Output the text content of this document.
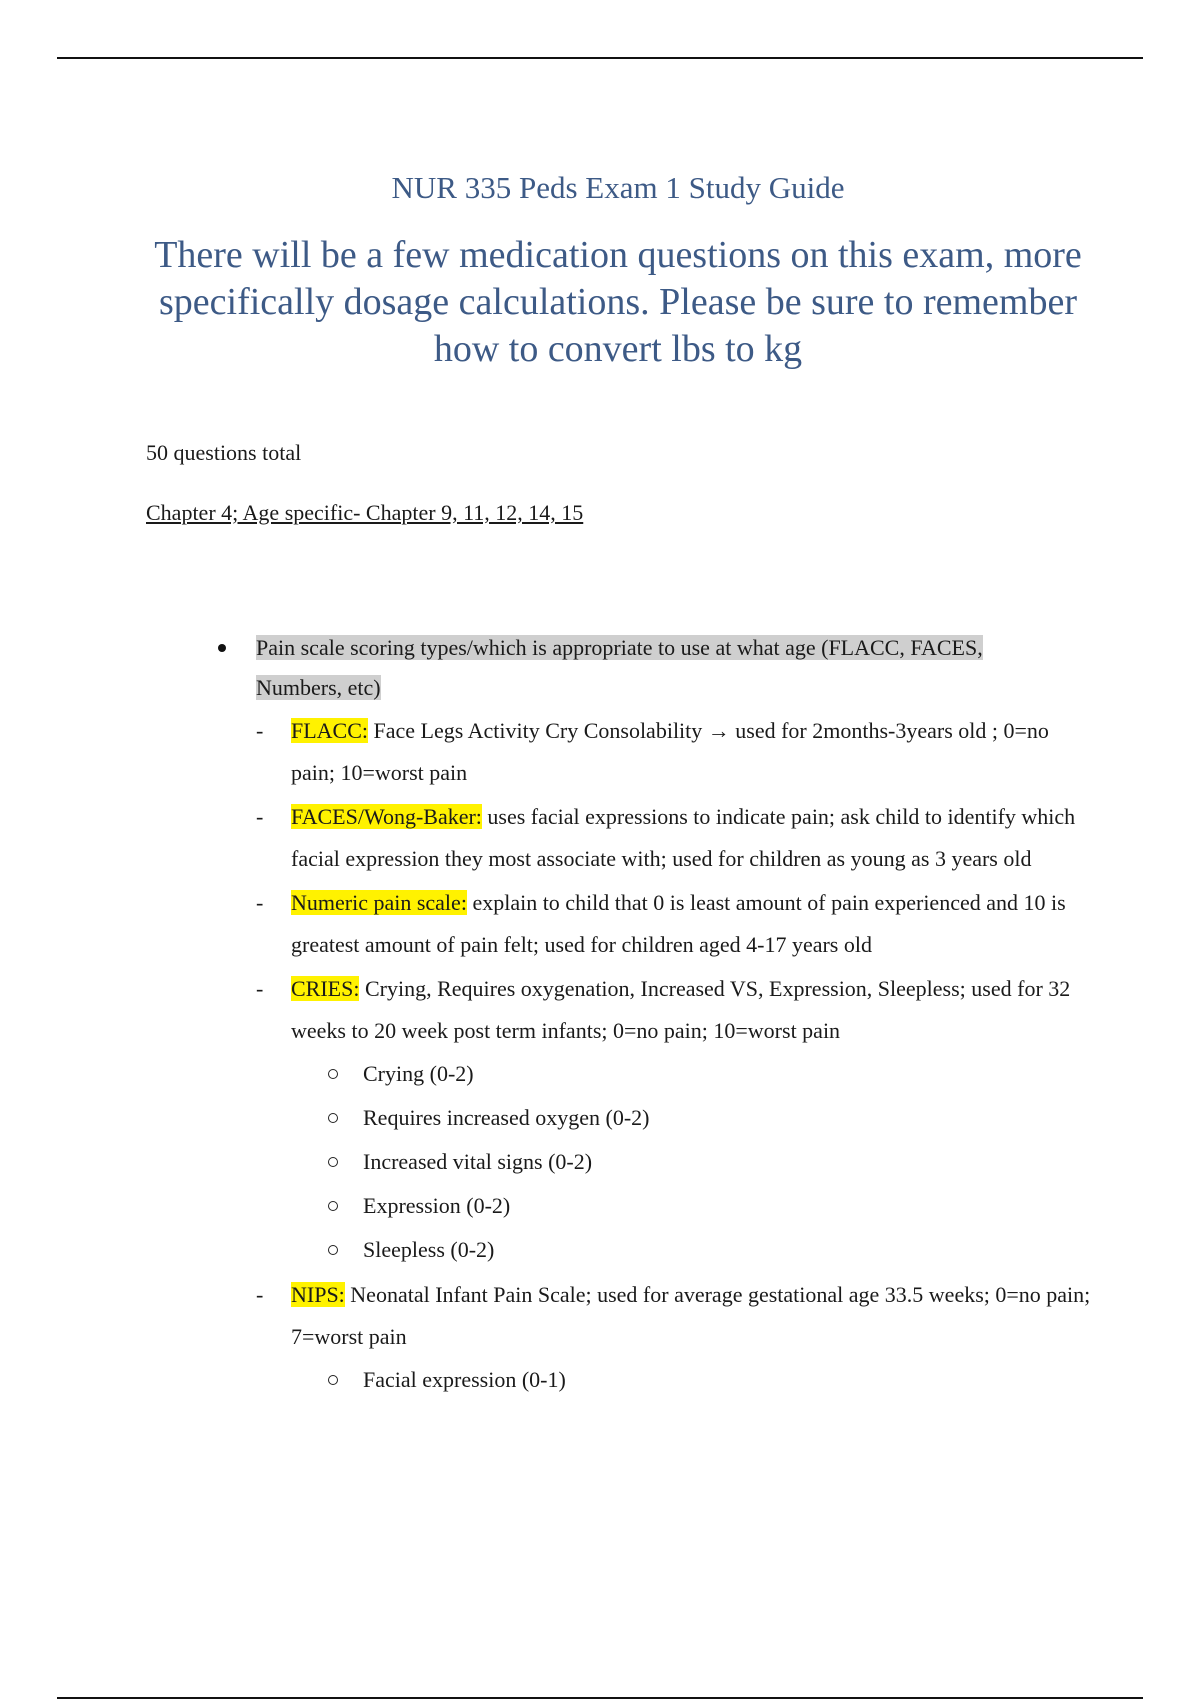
NUR 335 Peds Exam 1 Study Guide

There will be a few medication questions on this exam, more specifically dosage calculations. Please be sure to remember how to convert lbs to kg

50 questions total

Chapter 4; Age specific- Chapter 9, 11, 12, 14, 15

Pain scale scoring types/which is appropriate to use at what age (FLACC, FACES, Numbers, etc)
- FLACC: Face Legs Activity Cry Consolability → used for 2months-3years old ; 0=no pain; 10=worst pain
- FACES/Wong-Baker: uses facial expressions to indicate pain; ask child to identify which facial expression they most associate with; used for children as young as 3 years old
- Numeric pain scale: explain to child that 0 is least amount of pain experienced and 10 is greatest amount of pain felt; used for children aged 4-17 years old
- CRIES: Crying, Requires oxygenation, Increased VS, Expression, Sleepless; used for 32 weeks to 20 week post term infants; 0=no pain; 10=worst pain
Crying (0-2)
Requires increased oxygen (0-2)
Increased vital signs (0-2)
Expression (0-2)
Sleepless (0-2)
- NIPS: Neonatal Infant Pain Scale; used for average gestational age 33.5 weeks; 0=no pain; 7=worst pain
Facial expression (0-1)
